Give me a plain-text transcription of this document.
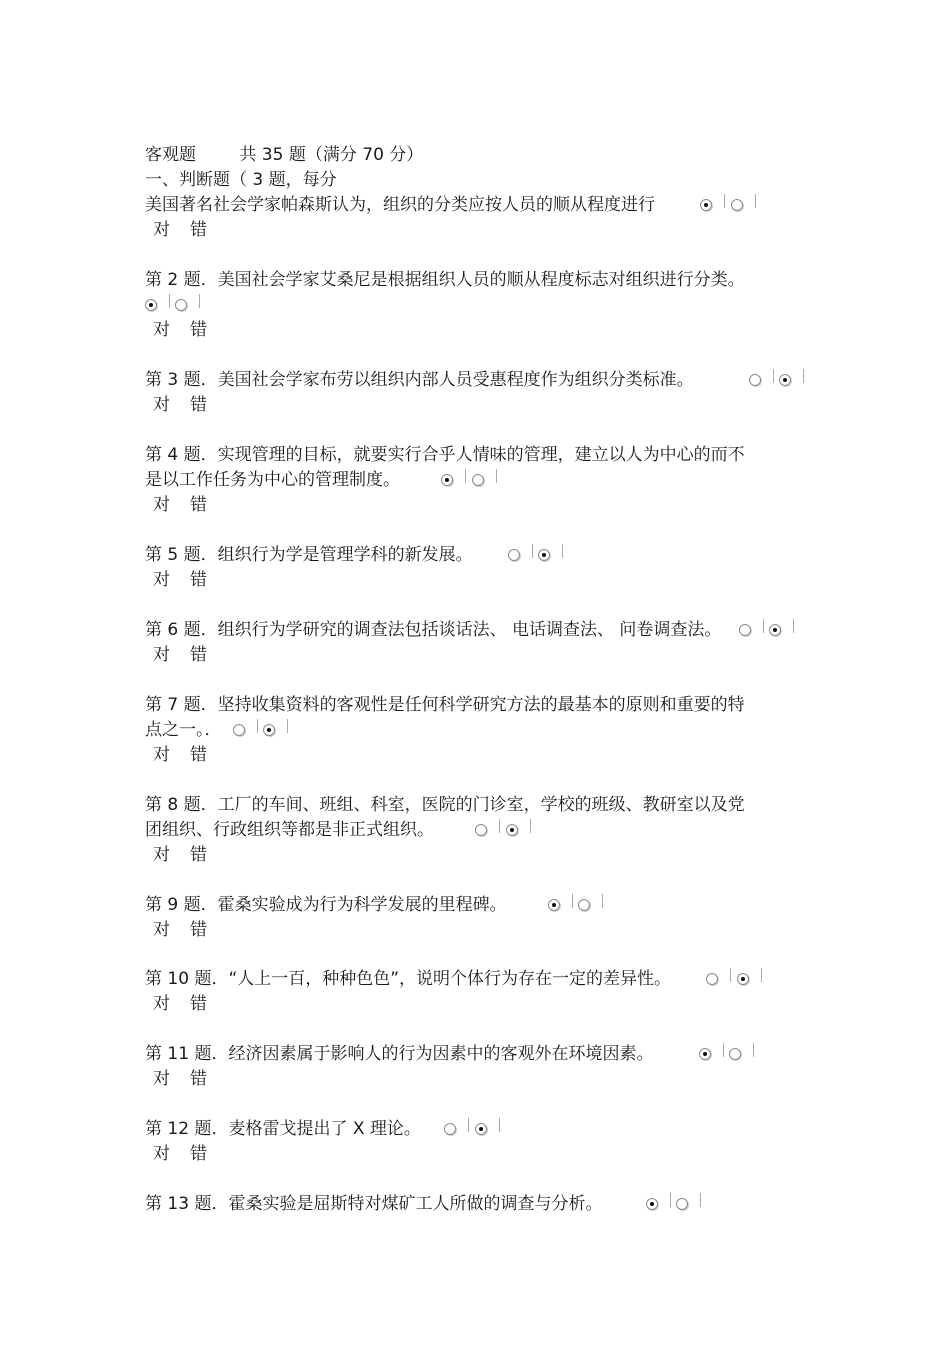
客观题	共 35 题（满分 70 分）
一、判断题（ 3 题，每分
美国著名社会学家帕森斯认为，组织的分类应按人员的顺从程度进行
对 错
第 2 题．美国社会学家艾桑尼是根据组织人员的顺从程度标志对组织进行分类。

对 错
第 3 题．美国社会学家布劳以组织内部人员受惠程度作为组织分类标准。
对 错
第 4 题．实现管理的目标，就要实行合乎人情味的管理，建立以人为中心的而不
是以工作任务为中心的管理制度。
对 错
第 5 题．组织行为学是管理学科的新发展。
对 错
第 6 题．组织行为学研究的调查法包括谈话法、 电话调查法、 问卷调查法。
对 错
第 7 题．坚持收集资料的客观性是任何科学研究方法的最基本的原则和重要的特
点之一。．
对 错
第 8 题．工厂的车间、班组、科室，医院的门诊室，学校的班级、教研室以及党
团组织、行政组织等都是非正式组织。
对 错
第 9 题．霍桑实验成为行为科学发展的里程碑。
对 错
第 10 题．“人上一百，种种色色”，说明个体行为存在一定的差异性。
对 错
第 11 题．经济因素属于影响人的行为因素中的客观外在环境因素。
对 错
第 12 题．麦格雷戈提出了 X 理论。
对 错
第 13 题．霍桑实验是屈斯特对煤矿工人所做的调查与分析。
